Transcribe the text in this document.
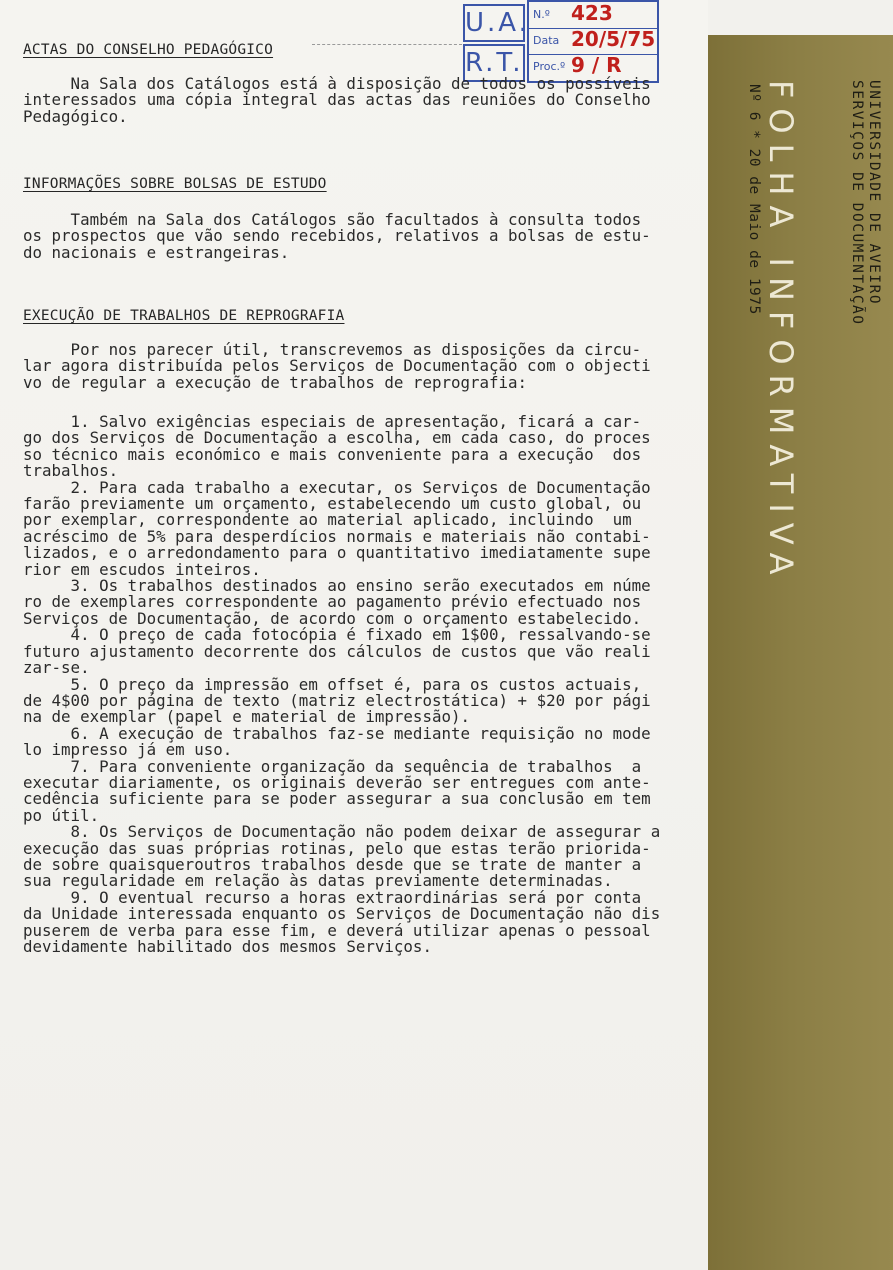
UNIVERSIDADE DE AVEIRO
SERVIÇOS DE DOCUMENTAÇÃO
FOLHA INFORMATIVA
Nº 6 * 20 de Maio de 1975
U.A.
R.T.
N.º 423
Data 20/5/75
Proc.º 9 / R
ACTAS DO CONSELHO PEDAGÓGICO
Na Sala dos Catálogos está à disposição de todos os possíveis
interessados uma cópia integral das actas das reuniões do Conselho
Pedagógico.
INFORMAÇÕES SOBRE BOLSAS DE ESTUDO
Também na Sala dos Catálogos são facultados à consulta todos
os prospectos que vão sendo recebidos, relativos a bolsas de estu-
do nacionais e estrangeiras.
EXECUÇÃO DE TRABALHOS DE REPROGRAFIA
Por nos parecer útil, transcrevemos as disposições da circu-
lar agora distribuída pelos Serviços de Documentação com o objecti
vo de regular a execução de trabalhos de reprografia:
1. Salvo exigências especiais de apresentação, ficará a car-
go dos Serviços de Documentação a escolha, em cada caso, do proces
so técnico mais económico e mais conveniente para a execução  dos
trabalhos.
2. Para cada trabalho a executar, os Serviços de Documentação
farão previamente um orçamento, estabelecendo um custo global, ou
por exemplar, correspondente ao material aplicado, incluindo  um
acréscimo de 5% para desperdícios normais e materiais não contabi-
lizados, e o arredondamento para o quantitativo imediatamente supe
rior em escudos inteiros.
3. Os trabalhos destinados ao ensino serão executados em núme
ro de exemplares correspondente ao pagamento prévio efectuado nos
Serviços de Documentação, de acordo com o orçamento estabelecido.
4. O preço de cada fotocópia é fixado em 1$00, ressalvando-se
futuro ajustamento decorrente dos cálculos de custos que vão reali
zar-se.
5. O preço da impressão em offset é, para os custos actuais,
de 4$00 por página de texto (matriz electrostática) + $20 por pági
na de exemplar (papel e material de impressão).
6. A execução de trabalhos faz-se mediante requisição no mode
lo impresso já em uso.
7. Para conveniente organização da sequência de trabalhos  a
executar diariamente, os originais deverão ser entregues com ante-
cedência suficiente para se poder assegurar a sua conclusão em tem
po útil.
8. Os Serviços de Documentação não podem deixar de assegurar a
execução das suas próprias rotinas, pelo que estas terão priorida-
de sobre quaisqueroutros trabalhos desde que se trate de manter a
sua regularidade em relação às datas previamente determinadas.
9. O eventual recurso a horas extraordinárias será por conta
da Unidade interessada enquanto os Serviços de Documentação não dis
puserem de verba para esse fim, e deverá utilizar apenas o pessoal
devidamente habilitado dos mesmos Serviços.
